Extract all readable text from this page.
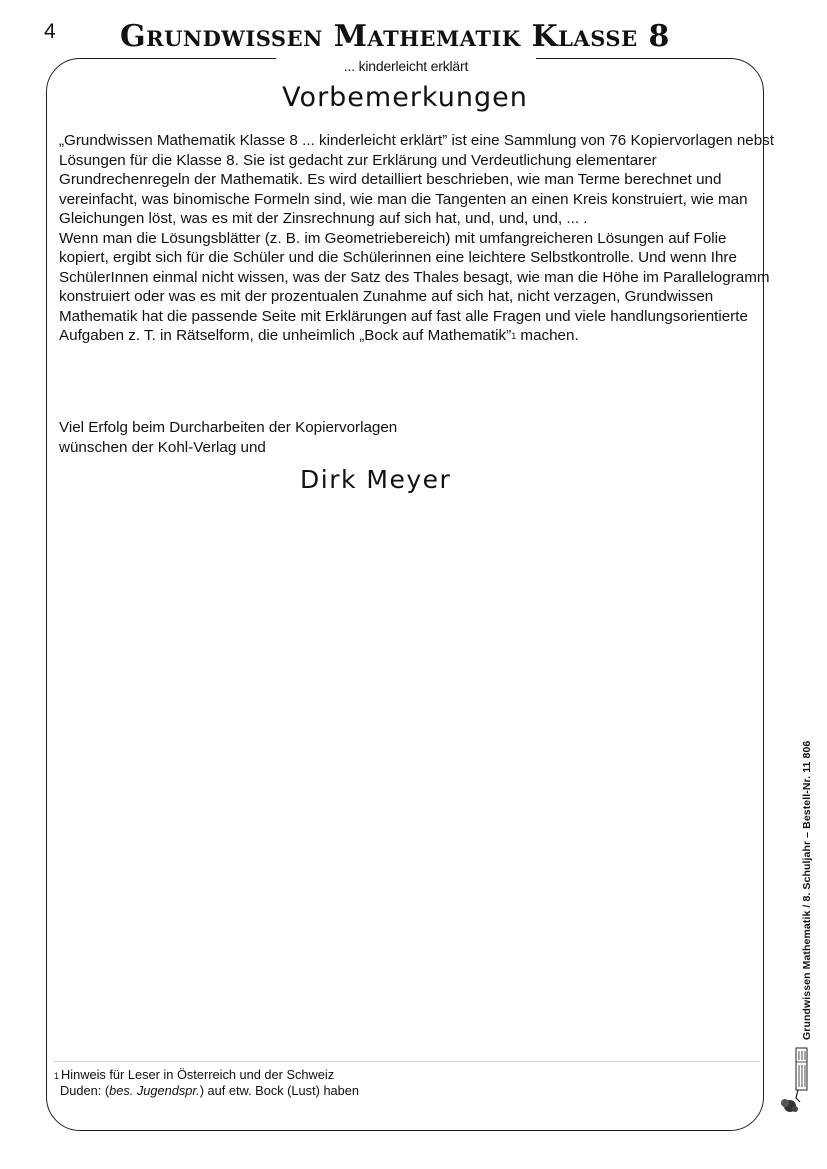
4 Grundwissen Mathematik Klasse 8
... kinderleicht erklärt
Vorbemerkungen

„Grundwissen Mathematik Klasse 8 ... kinderleicht erklärt” ist eine Sammlung von 76 Kopiervorlagen nebst Lösungen für die Klasse 8. Sie ist gedacht zur Erklärung und Verdeutlichung elementarer Grundrechenregeln der Mathematik. Es wird detailliert beschrieben, wie man Terme berechnet und vereinfacht, was binomische Formeln sind, wie man die Tangenten an einen Kreis konstruiert, wie man Gleichungen löst, was es mit der Zinsrechnung auf sich hat, und, und, und, ... .

Wenn man die Lösungsblätter (z. B. im Geometriebereich) mit umfangreicheren Lösungen auf Folie kopiert, ergibt sich für die Schüler und die Schülerinnen eine leichtere Selbstkontrolle. Und wenn Ihre SchülerInnen einmal nicht wissen, was der Satz des Thales besagt, wie man die Höhe im Parallelogramm konstruiert oder was es mit der prozentualen Zunahme auf sich hat, nicht verzagen, Grundwissen Mathematik hat die passende Seite mit Erklärungen auf fast alle Fragen und viele handlungsorientierte Aufgaben z. T. in Rätselform, die unheimlich „Bock auf Mathematik”$^1$ machen.

Viel Erfolg beim Durcharbeiten der Kopiervorlagen

wünschen der Kohl-Verlag und

Dirk Meyer

$^1$ Hinweis für Leser in Österreich und der Schweiz

Duden: (bes. Jugendspr.) auf etw. Bock (Lust) haben

Grundwissen Mathematik / 8. Schuljahr – Bestell-Nr. 11 806
